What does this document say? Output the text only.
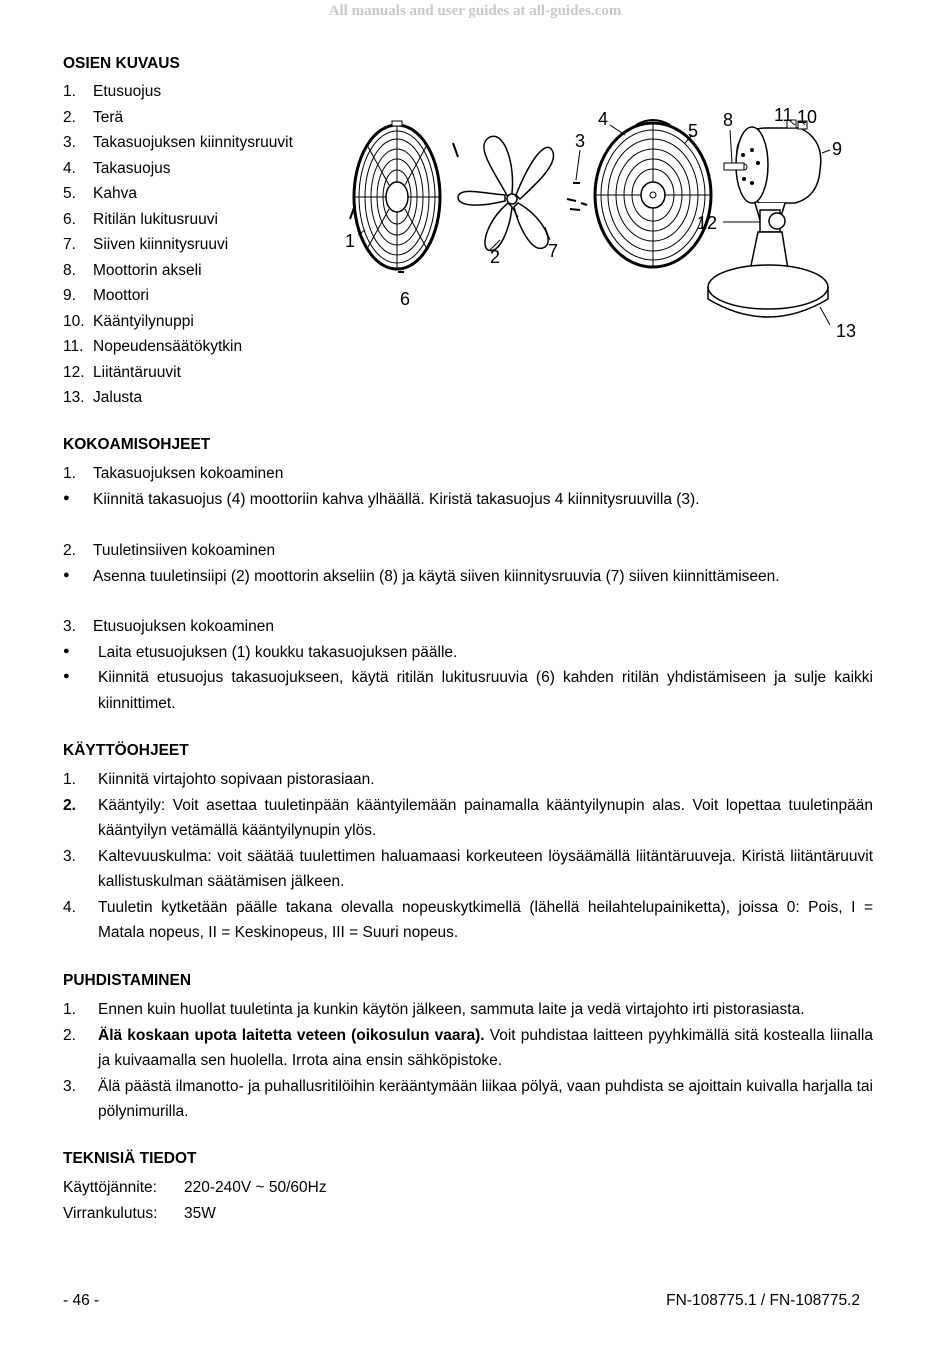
All manuals and user guides at all-guides.com
OSIEN KUVAUS
1.	Etusuojus
2.	Terä
3.	Takasuojuksen kiinnitysruuvit
4.	Takasuojus
5.	Kahva
6.	Ritilän lukitusruuvi
7.	Siiven kiinnitysruuvi
8.	Moottorin akseli
9.	Moottori
10. Kääntyilynuppi
11. Nopeudensäätökytkin
12. Liitäntäruuvit
13. Jalusta
1
2
3
4
5
6
7
8
9
10
11
12
13
KOKOAMISOHJEET
1.	Takasuojuksen kokoaminen
●	Kiinnitä takasuojus (4) moottoriin kahva ylhäällä. Kiristä takasuojus 4 kiinnitysruuvilla (3).
2.	Tuuletinsiiven kokoaminen
●	Asenna tuuletinsiipi (2) moottorin akseliin (8) ja käytä siiven kiinnitysruuvia (7) siiven kiinnittämiseen.
3.	Etusuojuksen kokoaminen
●	Laita etusuojuksen (1) koukku takasuojuksen päälle.
●	Kiinnitä etusuojus takasuojukseen, käytä ritilän lukitusruuvia (6) kahden ritilän yhdistämiseen ja sulje kaikki kiinnittimet.
KÄYTTÖOHJEET
1.	Kiinnitä virtajohto sopivaan pistorasiaan.
2.	Kääntyily: Voit asettaa tuuletinpään kääntyilemään painamalla kääntyilynupin alas. Voit lopettaa tuuletinpään kääntyilyn vetämällä kääntyilynupin ylös.
3.	Kaltevuuskulma: voit säätää tuulettimen haluamaasi korkeuteen löysäämällä liitäntäruuveja. Kiristä liitäntäruuvit kallistuskulman säätämisen jälkeen.
4.	Tuuletin kytketään päälle takana olevalla nopeuskytkimellä (lähellä heilahtelupainiketta), joissa 0: Pois, I = Matala nopeus, II = Keskinopeus, III = Suuri nopeus.
PUHDISTAMINEN
1.	Ennen kuin huollat tuuletinta ja kunkin käytön jälkeen, sammuta laite ja vedä virtajohto irti pistorasiasta.
2.	Älä koskaan upota laitetta veteen (oikosulun vaara). Voit puhdistaa laitteen pyyhkimällä sitä kostealla liinalla ja kuivaamalla sen huolella. Irrota aina ensin sähköpistoke.
3.	Älä päästä ilmanotto- ja puhallusritilöihin kerääntymään liikaa pölyä, vaan puhdista se ajoittain kuivalla harjalla tai pölynimurilla.
TEKNISIÄ TIEDOT
Käyttöjännite:	220-240V ~ 50/60Hz
Virrankulutus:	35W
- 46 -	FN-108775.1 / FN-108775.2
